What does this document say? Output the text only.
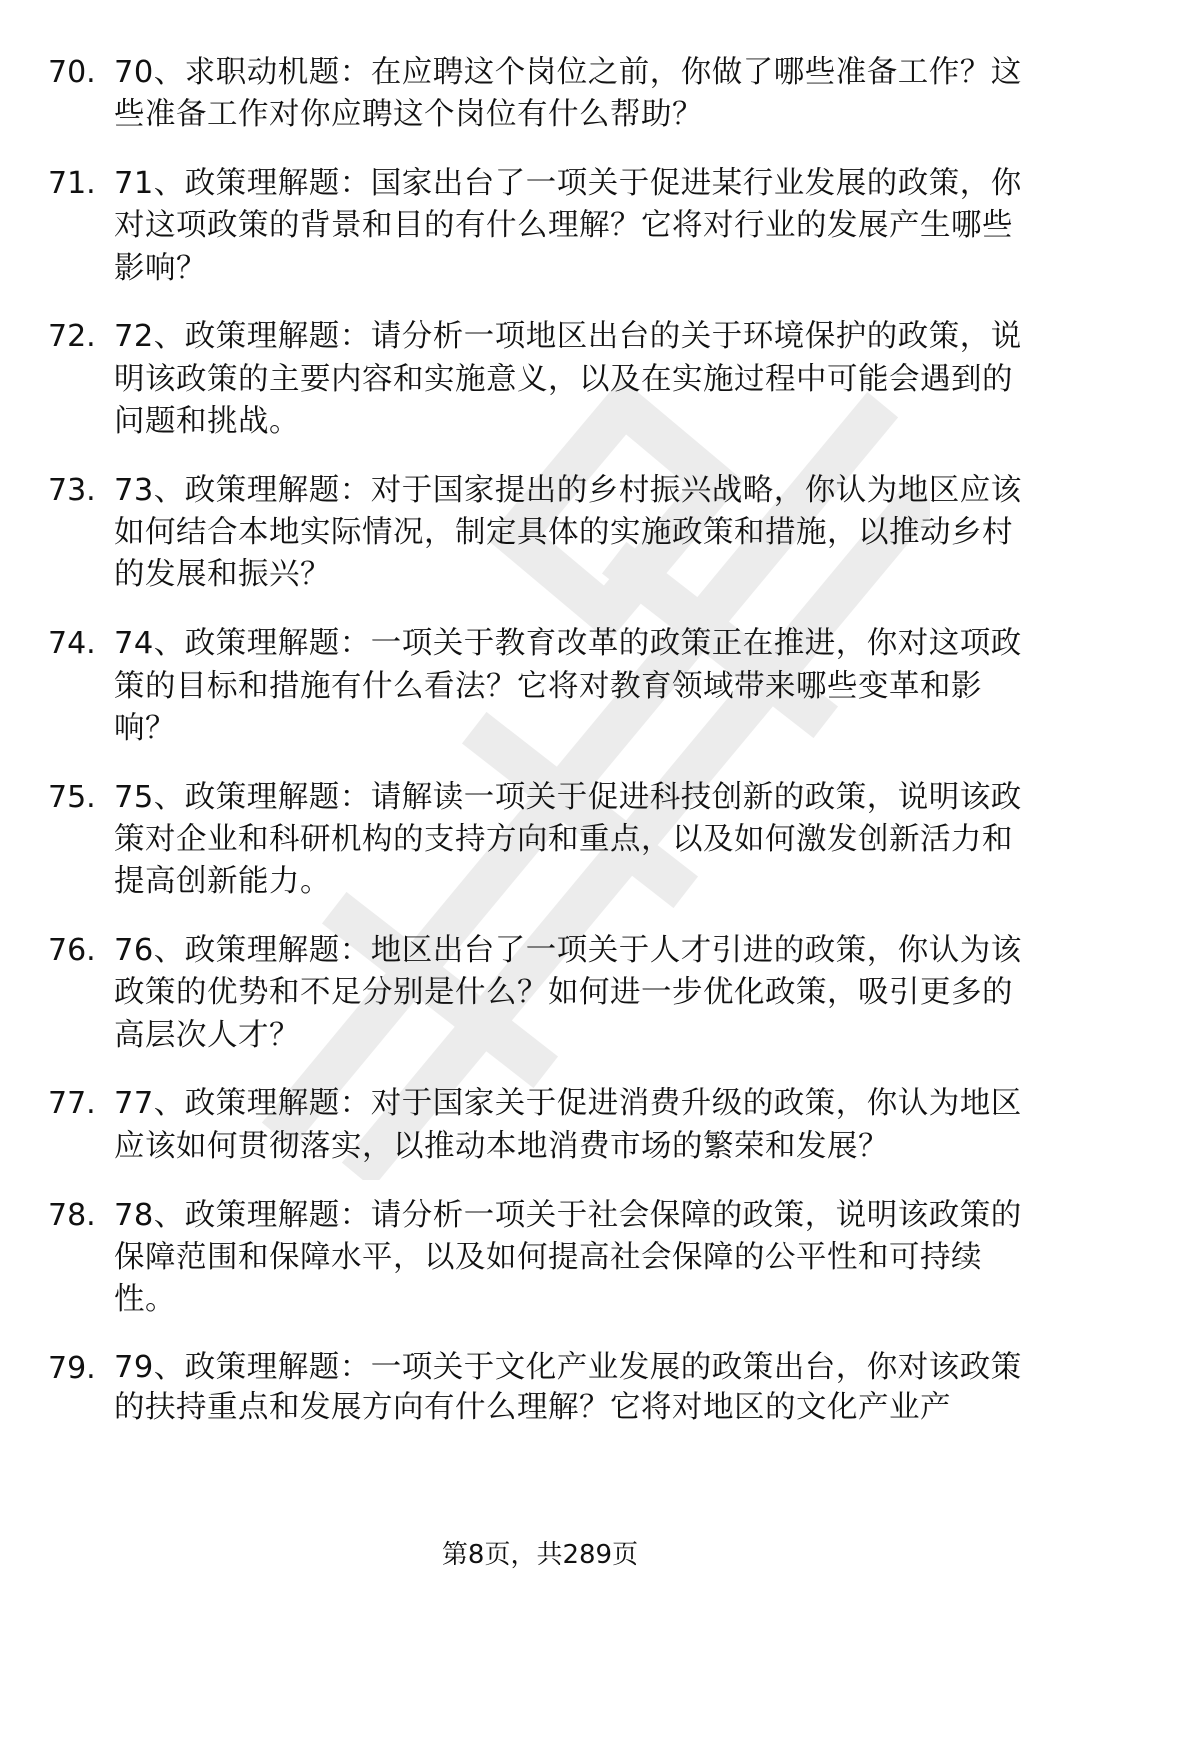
70. 70、求职动机题：在应聘这个岗位之前，你做了哪些准备工作？这些准备工作对你应聘这个岗位有什么帮助？
71. 71、政策理解题：国家出台了一项关于促进某行业发展的政策，你对这项政策的背景和目的有什么理解？它将对行业的发展产生哪些影响？
72. 72、政策理解题：请分析一项地区出台的关于环境保护的政策，说明该政策的主要内容和实施意义，以及在实施过程中可能会遇到的问题和挑战。
73. 73、政策理解题：对于国家提出的乡村振兴战略，你认为地区应该如何结合本地实际情况，制定具体的实施政策和措施，以推动乡村的发展和振兴？
74. 74、政策理解题：一项关于教育改革的政策正在推进，你对这项政策的目标和措施有什么看法？它将对教育领域带来哪些变革和影响？
75. 75、政策理解题：请解读一项关于促进科技创新的政策，说明该政策对企业和科研机构的支持方向和重点，以及如何激发创新活力和提高创新能力。
76. 76、政策理解题：地区出台了一项关于人才引进的政策，你认为该政策的优势和不足分别是什么？如何进一步优化政策，吸引更多的高层次人才？
77. 77、政策理解题：对于国家关于促进消费升级的政策，你认为地区应该如何贯彻落实，以推动本地消费市场的繁荣和发展？
78. 78、政策理解题：请分析一项关于社会保障的政策，说明该政策的保障范围和保障水平，以及如何提高社会保障的公平性和可持续性。
79. 79、政策理解题：一项关于文化产业发展的政策出台，你对该政策的扶持重点和发展方向有什么理解？它将对地区的文化产业产
第8页，共289页
